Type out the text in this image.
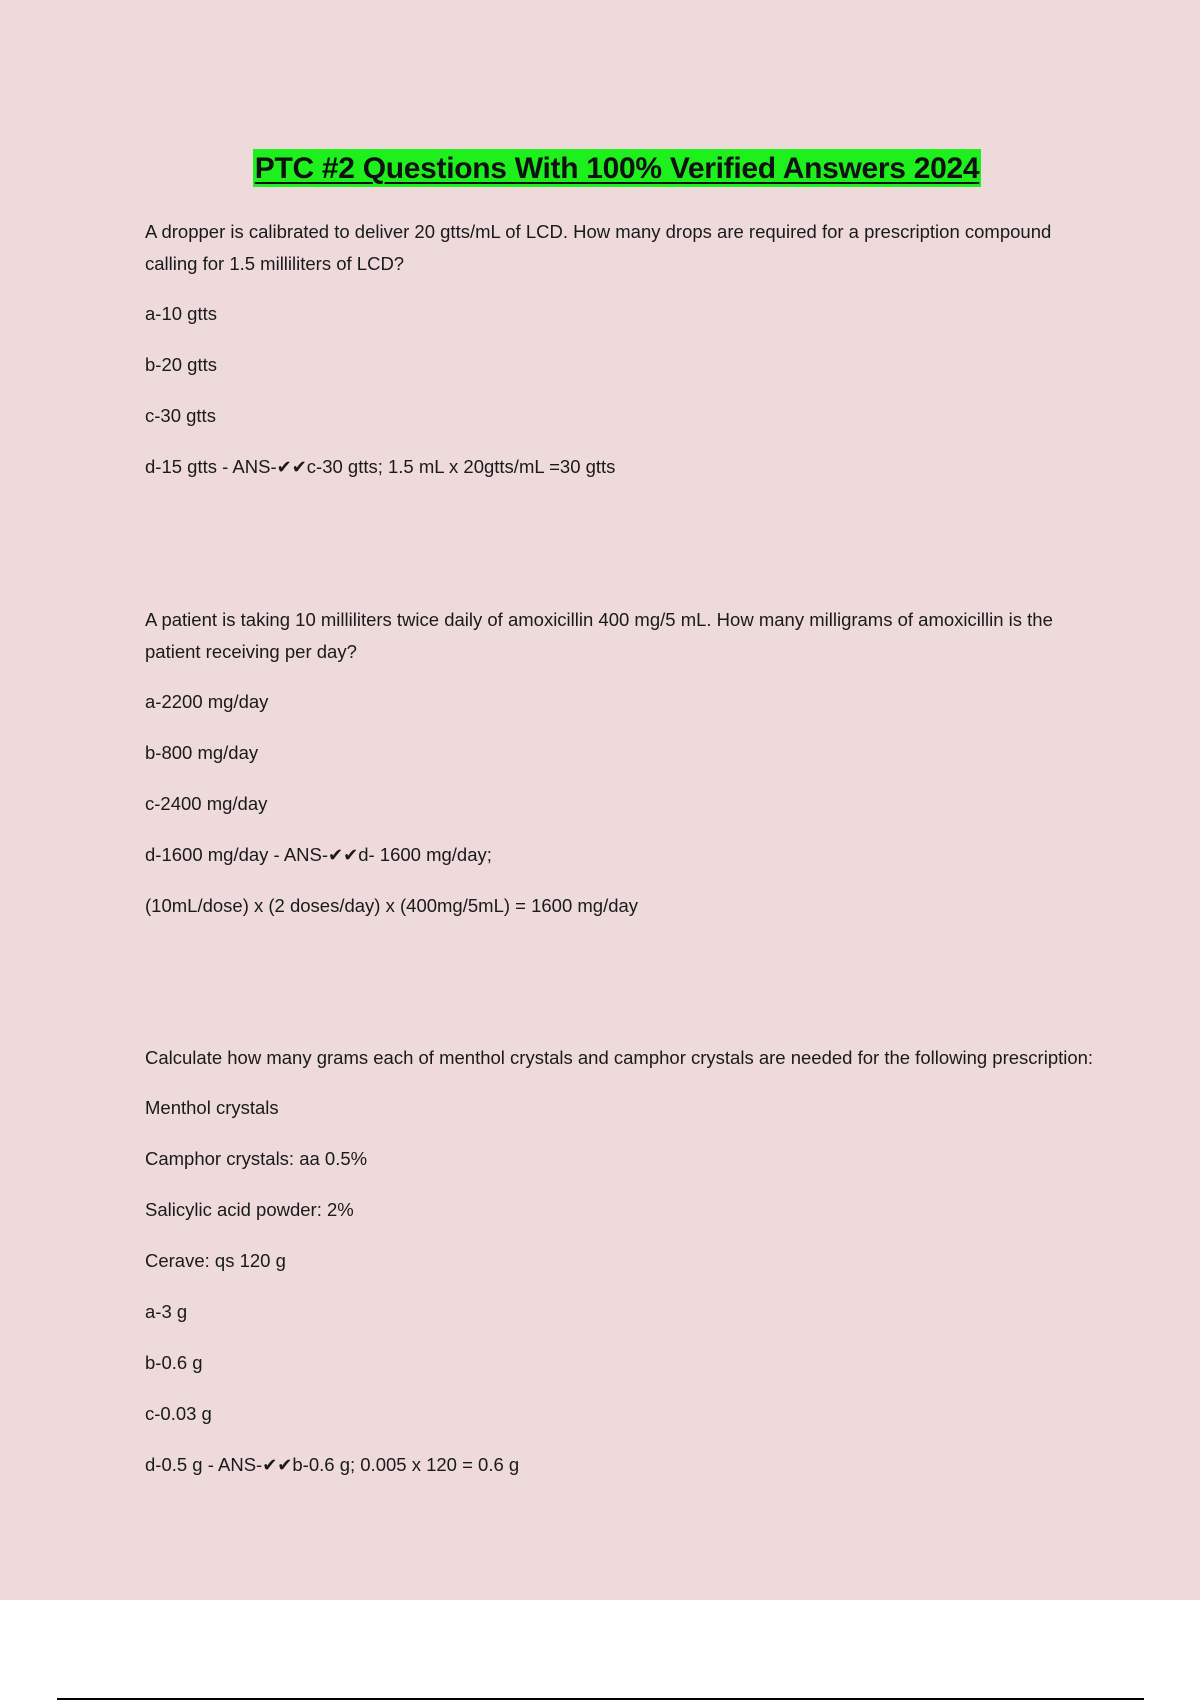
PTC #2 Questions With 100% Verified Answers 2024

A dropper is calibrated to deliver 20 gtts/mL of LCD. How many drops are required for a prescription compound calling for 1.5 milliliters of LCD?

a-10 gtts

b-20 gtts

c-30 gtts

d-15 gtts - ANS-✔✔c-30 gtts; 1.5 mL x 20gtts/mL =30 gtts

A patient is taking 10 milliliters twice daily of amoxicillin 400 mg/5 mL. How many milligrams of amoxicillin is the patient receiving per day?

a-2200 mg/day

b-800 mg/day

c-2400 mg/day

d-1600 mg/day - ANS-✔✔d- 1600 mg/day;

(10mL/dose) x (2 doses/day) x (400mg/5mL) = 1600 mg/day

Calculate how many grams each of menthol crystals and camphor crystals are needed for the following prescription:

Menthol crystals

Camphor crystals: aa 0.5%

Salicylic acid powder: 2%

Cerave: qs 120 g

a-3 g

b-0.6 g

c-0.03 g

d-0.5 g - ANS-✔✔b-0.6 g; 0.005 x 120 = 0.6 g
